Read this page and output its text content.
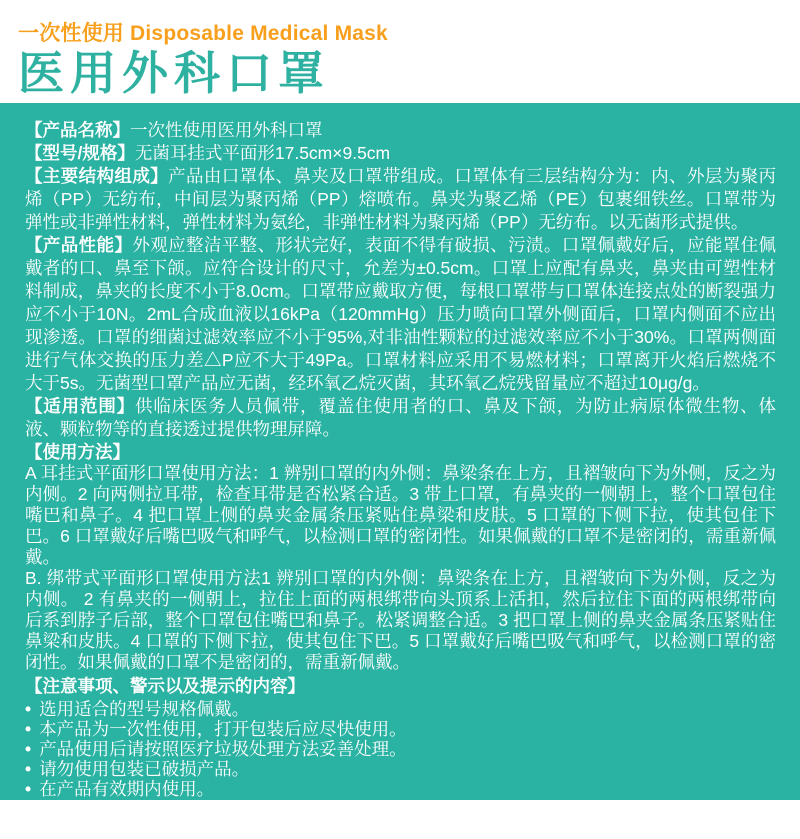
一次性使用 Disposable Medical Mask
医用外科口罩

【产品名称】一次性使用医用外科口罩

【型号/规格】无菌耳挂式平面形17.5cm×9.5cm

【主要结构组成】产品由口罩体、鼻夹及口罩带组成。口罩体有三层结构分为：内、外层为聚丙烯（PP）无纺布，中间层为聚丙烯（PP）熔喷布。鼻夹为聚乙烯（PE）包裹细铁丝。口罩带为弹性或非弹性材料，弹性材料为氨纶，非弹性材料为聚丙烯（PP）无纺布。以无菌形式提供。

【产品性能】外观应整洁平整、形状完好，表面不得有破损、污渍。口罩佩戴好后，应能罩住佩戴者的口、鼻至下颌。应符合设计的尺寸，允差为±0.5cm。口罩上应配有鼻夹，鼻夹由可塑性材料制成，鼻夹的长度不小于8.0cm。口罩带应戴取方便，每根口罩带与口罩体连接点处的断裂强力应不小于10N。2mL合成血液以16kPa（120mmHg）压力喷向口罩外侧面后，口罩内侧面不应出现渗透。口罩的细菌过滤效率应不小于95%,对非油性颗粒的过滤效率应不小于30%。口罩两侧面进行气体交换的压力差△P应不大于49Pa。口罩材料应采用不易燃材料；口罩离开火焰后燃烧不大于5s。无菌型口罩产品应无菌，经环氧乙烷灭菌，其环氧乙烷残留量应不超过10μg/g。

【适用范围】供临床医务人员佩带，覆盖住使用者的口、鼻及下颌，为防止病原体微生物、体液、颗粒物等的直接透过提供物理屏障。

【使用方法】

A 耳挂式平面形口罩使用方法：1 辨别口罩的内外侧：鼻梁条在上方，且褶皱向下为外侧，反之为内侧。2 向两侧拉耳带，检查耳带是否松紧合适。3 带上口罩，有鼻夹的一侧朝上，整个口罩包住嘴巴和鼻子。4 把口罩上侧的鼻夹金属条压紧贴住鼻梁和皮肤。5 口罩的下侧下拉，使其包住下巴。6 口罩戴好后嘴巴吸气和呼气，以检测口罩的密闭性。如果佩戴的口罩不是密闭的，需重新佩戴。

B. 绑带式平面形口罩使用方法1 辨别口罩的内外侧：鼻梁条在上方，且褶皱向下为外侧，反之为内侧。 2 有鼻夹的一侧朝上，拉住上面的两根绑带向头顶系上活扣，然后拉住下面的两根绑带向后系到脖子后部，整个口罩包住嘴巴和鼻子。松紧调整合适。3 把口罩上侧的鼻夹金属条压紧贴住鼻梁和皮肤。4 口罩的下侧下拉，使其包住下巴。5 口罩戴好后嘴巴吸气和呼气，以检测口罩的密闭性。如果佩戴的口罩不是密闭的，需重新佩戴。

【注意事项、警示以及提示的内容】

• 选用适合的型号规格佩戴。
• 本产品为一次性使用，打开包装后应尽快使用。
• 产品使用后请按照医疗垃圾处理方法妥善处理。
• 请勿使用包装已破损产品。
• 在产品有效期内使用。
• 建议每次佩戴时间不超过8小时。
• 本产品为无菌提供，使用前应仔细阅读说明书。
